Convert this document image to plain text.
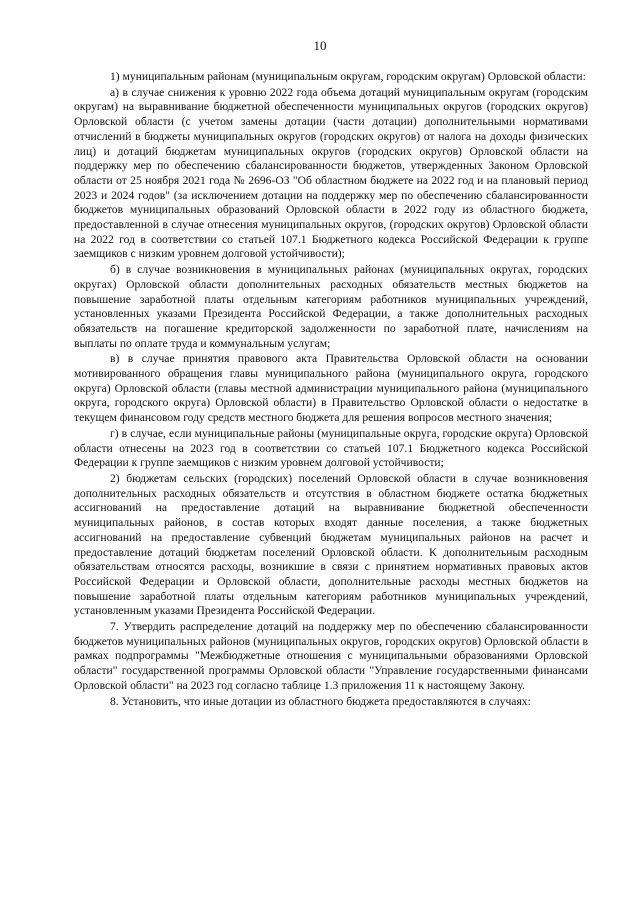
10

1) муниципальным районам (муниципальным округам, городским округам) Орловской области:

а) в случае снижения к уровню 2022 года объема дотаций муниципальным округам (городским округам) на выравнивание бюджетной обеспеченности муниципальных округов (городских округов) Орловской области (с учетом замены дотации (части дотации) дополнительными нормативами отчислений в бюджеты муниципальных округов (городских округов) от налога на доходы физических лиц) и дотаций бюджетам муниципальных округов (городских округов) Орловской области на поддержку мер по обеспечению сбалансированности бюджетов, утвержденных Законом Орловской области от 25 ноября 2021 года № 2696-ОЗ "Об областном бюджете на 2022 год и на плановый период 2023 и 2024 годов" (за исключением дотации на поддержку мер по обеспечению сбалансированности бюджетов муниципальных образований Орловской области в 2022 году из областного бюджета, предоставленной в случае отнесения муниципальных округов, (городских округов) Орловской области на 2022 год в соответствии со статьей 107.1 Бюджетного кодекса Российской Федерации к группе заемщиков с низким уровнем долговой устойчивости);

б) в случае возникновения в муниципальных районах (муниципальных округах, городских округах) Орловской области дополнительных расходных обязательств местных бюджетов на повышение заработной платы отдельным категориям работников муниципальных учреждений, установленных указами Президента Российской Федерации, а также дополнительных расходных обязательств на погашение кредиторской задолженности по заработной плате, начислениям на выплаты по оплате труда и коммунальным услугам;

в) в случае принятия правового акта Правительства Орловской области на основании мотивированного обращения главы муниципального района (муниципального округа, городского округа) Орловской области (главы местной администрации муниципального района (муниципального округа, городского округа) Орловской области) в Правительство Орловской области о недостатке в текущем финансовом году средств местного бюджета для решения вопросов местного значения;

г) в случае, если муниципальные районы (муниципальные округа, городские округа) Орловской области отнесены на 2023 год в соответствии со статьей 107.1 Бюджетного кодекса Российской Федерации к группе заемщиков с низким уровнем долговой устойчивости;

2) бюджетам сельских (городских) поселений Орловской области в случае возникновения дополнительных расходных обязательств и отсутствия в областном бюджете остатка бюджетных ассигнований на предоставление дотаций на выравнивание бюджетной обеспеченности муниципальных районов, в состав которых входят данные поселения, а также бюджетных ассигнований на предоставление субвенций бюджетам муниципальных районов на расчет и предоставление дотаций бюджетам поселений Орловской области. К дополнительным расходным обязательствам относятся расходы, возникшие в связи с принятием нормативных правовых актов Российской Федерации и Орловской области, дополнительные расходы местных бюджетов на повышение заработной платы отдельным категориям работников муниципальных учреждений, установленным указами Президента Российской Федерации.

7. Утвердить распределение дотаций на поддержку мер по обеспечению сбалансированности бюджетов муниципальных районов (муниципальных округов, городских округов) Орловской области в рамках подпрограммы "Межбюджетные отношения с муниципальными образованиями Орловской области" государственной программы Орловской области "Управление государственными финансами Орловской области" на 2023 год согласно таблице 1.3 приложения 11 к настоящему Закону.

8. Установить, что иные дотации из областного бюджета предоставляются в случаях:
